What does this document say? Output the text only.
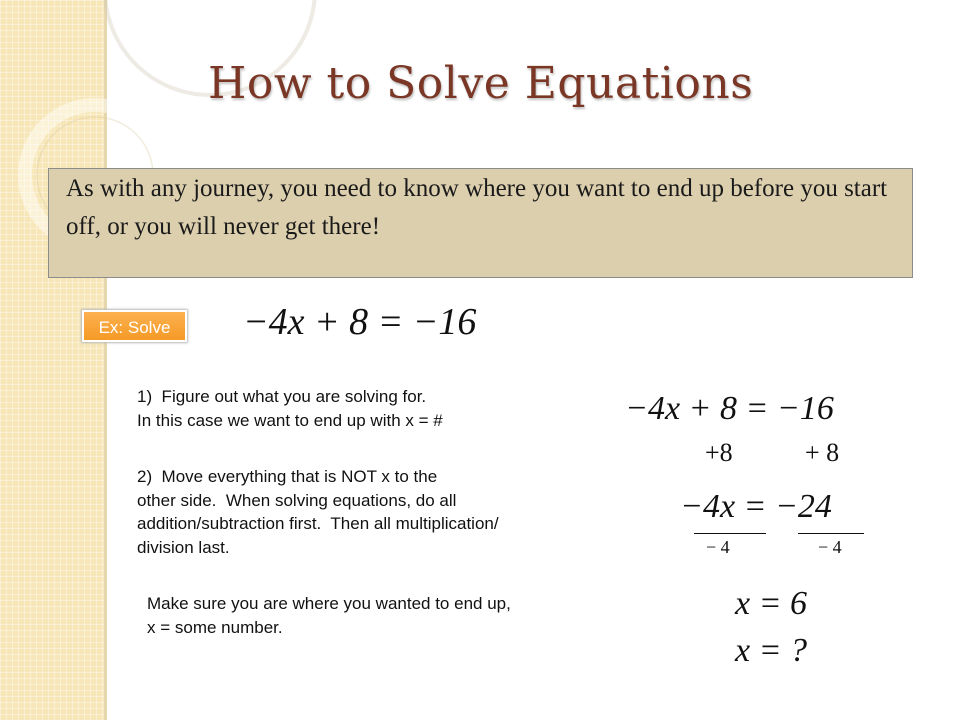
How to Solve Equations
As with any journey, you need to know where you want to end up before you start off, or you will never get there!
Ex: Solve	−4x + 8 = −16
1)  Figure out what you are solving for.
In this case we want to end up with x = #
2)  Move everything that is NOT x to the
other side.  When solving equations, do all
addition/subtraction first.  Then all multiplication/
division last.
Make sure you are where you wanted to end up,
x = some number.
−4x + 8 = −16
+8	+ 8
−4x = −24
− 4	− 4
x = 6
x = ?
